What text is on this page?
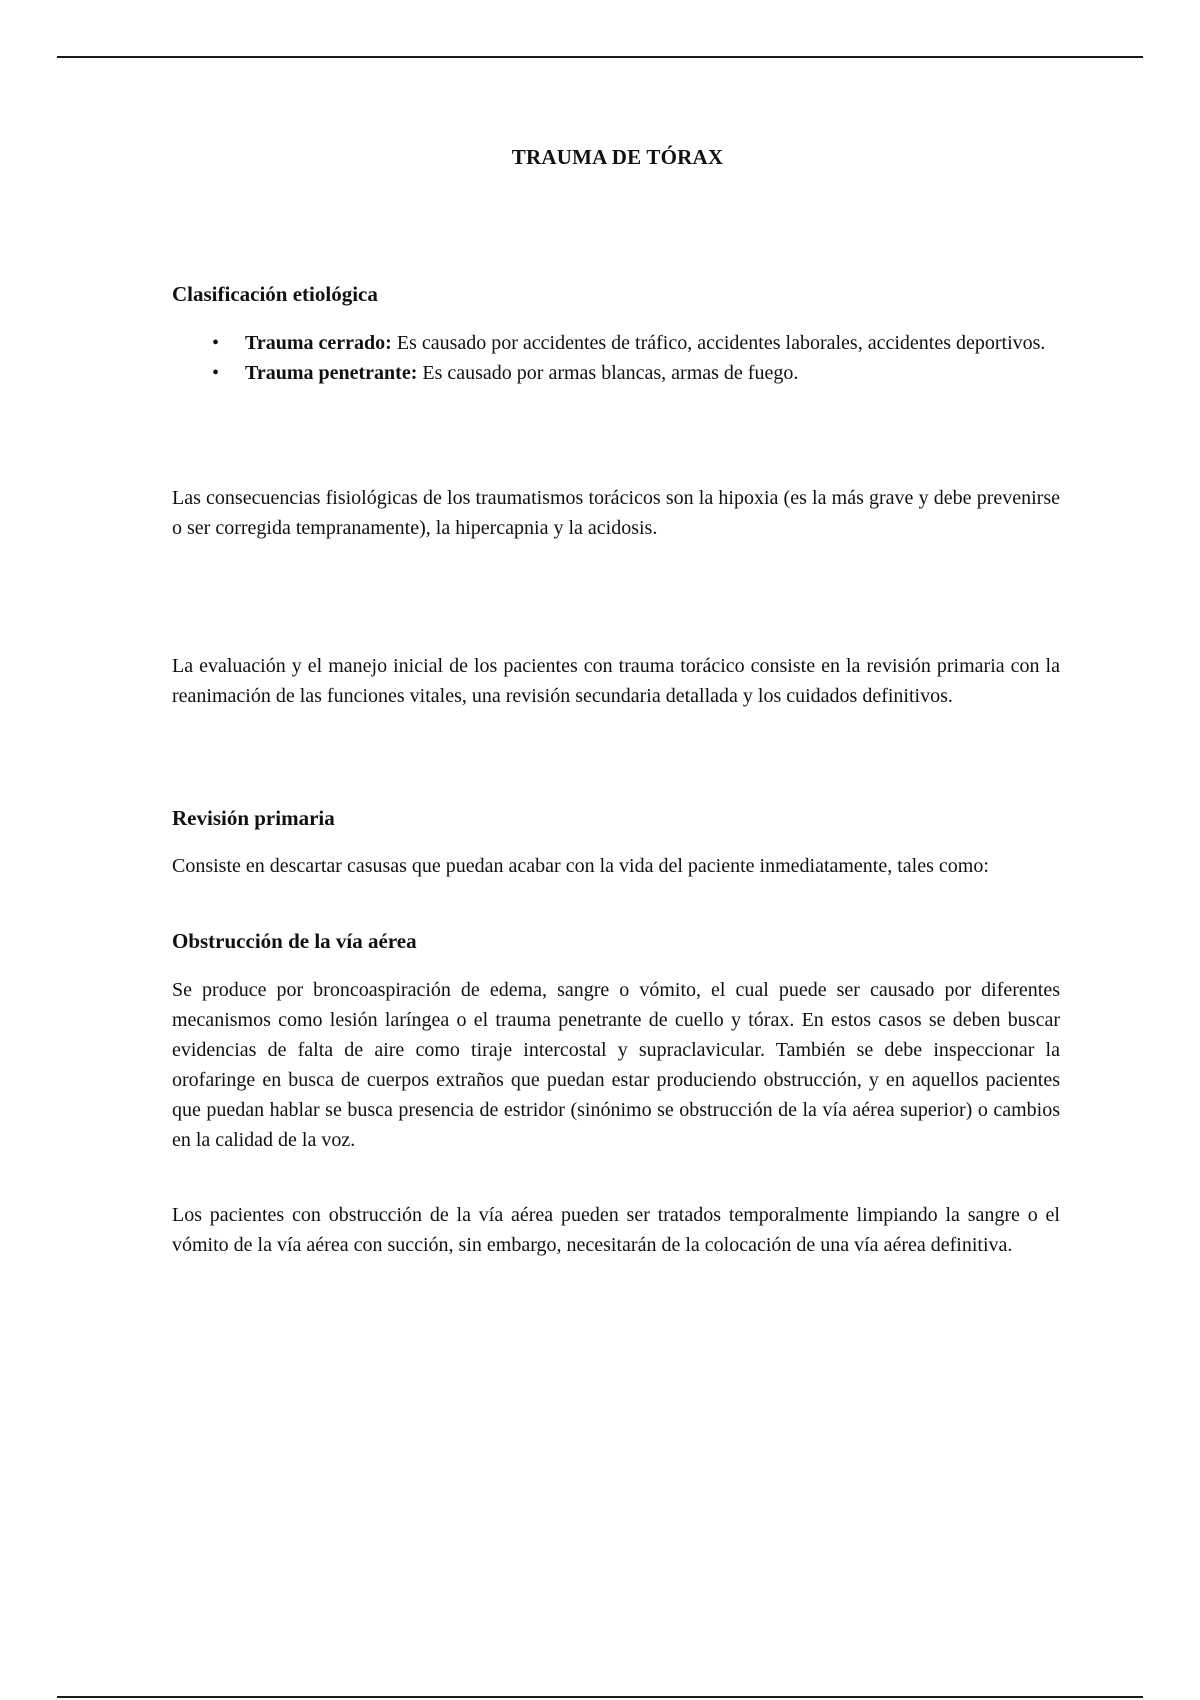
TRAUMA DE TÓRAX
Clasificación etiológica
• Trauma cerrado: Es causado por accidentes de tráfico, accidentes laborales, accidentes deportivos.
• Trauma penetrante: Es causado por armas blancas, armas de fuego.

Las consecuencias fisiológicas de los traumatismos torácicos son la hipoxia (es la más grave y debe prevenirse o ser corregida tempranamente), la hipercapnia y la acidosis.

La evaluación y el manejo inicial de los pacientes con trauma torácico consiste en la revisión primaria con la reanimación de las funciones vitales, una revisión secundaria detallada y los cuidados definitivos.

Revisión primaria

Consiste en descartar casusas que puedan acabar con la vida del paciente inmediatamente, tales como:

Obstrucción de la vía aérea

Se produce por broncoaspiración de edema, sangre o vómito, el cual puede ser causado por diferentes mecanismos como lesión laríngea o el trauma penetrante de cuello y tórax. En estos casos se deben buscar evidencias de falta de aire como tiraje intercostal y supraclavicular. También se debe inspeccionar la orofaringe en busca de cuerpos extraños que puedan estar produciendo obstrucción, y en aquellos pacientes que puedan hablar se busca presencia de estridor (sinónimo se obstrucción de la vía aérea superior) o cambios en la calidad de la voz.

Los pacientes con obstrucción de la vía aérea pueden ser tratados temporalmente limpiando la sangre o el vómito de la vía aérea con succión, sin embargo, necesitarán de la colocación de una vía aérea definitiva.
